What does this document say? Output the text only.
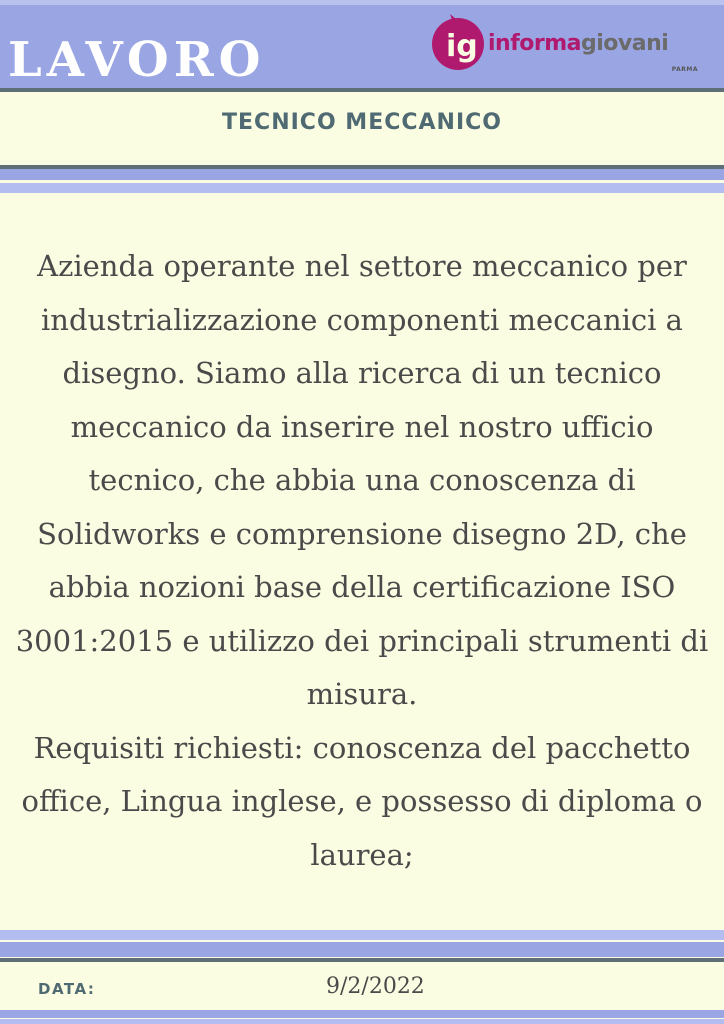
LAVORO	ig informagiovani
PARMA
TECNICO MECCANICO

Azienda operante nel settore meccanico per industrializzazione componenti meccanici a disegno. Siamo alla ricerca di un tecnico meccanico da inserire nel nostro ufficio tecnico, che abbia una conoscenza di Solidworks e comprensione disegno 2D, che abbia nozioni base della certificazione ISO 3001:2015 e utilizzo dei principali strumenti di misura.

Requisiti richiesti: conoscenza del pacchetto office, Lingua inglese, e possesso di diploma o laurea;

DATA:	9/2/2022
